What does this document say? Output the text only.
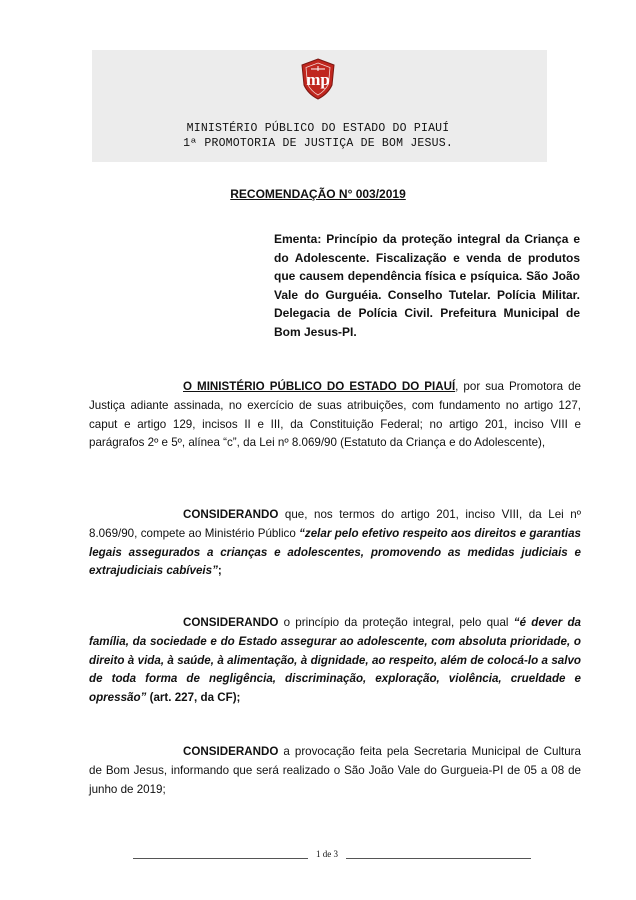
mp
MINISTÉRIO PÚBLICO DO ESTADO DO PIAUÍ
1ª PROMOTORIA DE JUSTIÇA DE BOM JESUS.
RECOMENDAÇÃO N° 003/2019
Ementa: Princípio da proteção integral da Criança e do Adolescente. Fiscalização e venda de produtos que causem dependência física e psíquica. São João Vale do Gurguéia. Conselho Tutelar. Polícia Militar. Delegacia de Polícia Civil. Prefeitura Municipal de Bom Jesus-PI.
O MINISTÉRIO PÚBLICO DO ESTADO DO PIAUÍ, por sua Promotora de Justiça adiante assinada, no exercício de suas atribuições, com fundamento no artigo 127, caput e artigo 129, incisos II e III, da Constituição Federal; no artigo 201, inciso VIII e parágrafos 2º e 5º, alínea “c”, da Lei nº 8.069/90 (Estatuto da Criança e do Adolescente),
CONSIDERANDO que, nos termos do artigo 201, inciso VIII, da Lei nº 8.069/90, compete ao Ministério Público “zelar pelo efetivo respeito aos direitos e garantias legais assegurados a crianças e adolescentes, promovendo as medidas judiciais e extrajudiciais cabíveis”;
CONSIDERANDO o princípio da proteção integral, pelo qual “é dever da família, da sociedade e do Estado assegurar ao adolescente, com absoluta prioridade, o direito à vida, à saúde, à alimentação, à dignidade, ao respeito, além de colocá-lo a salvo de toda forma de negligência, discriminação, exploração, violência, crueldade e opressão” (art. 227, da CF);
CONSIDERANDO a provocação feita pela Secretaria Municipal de Cultura de Bom Jesus, informando que será realizado o São João Vale do Gurgueia-PI de 05 a 08 de junho de 2019;
1 de 3
